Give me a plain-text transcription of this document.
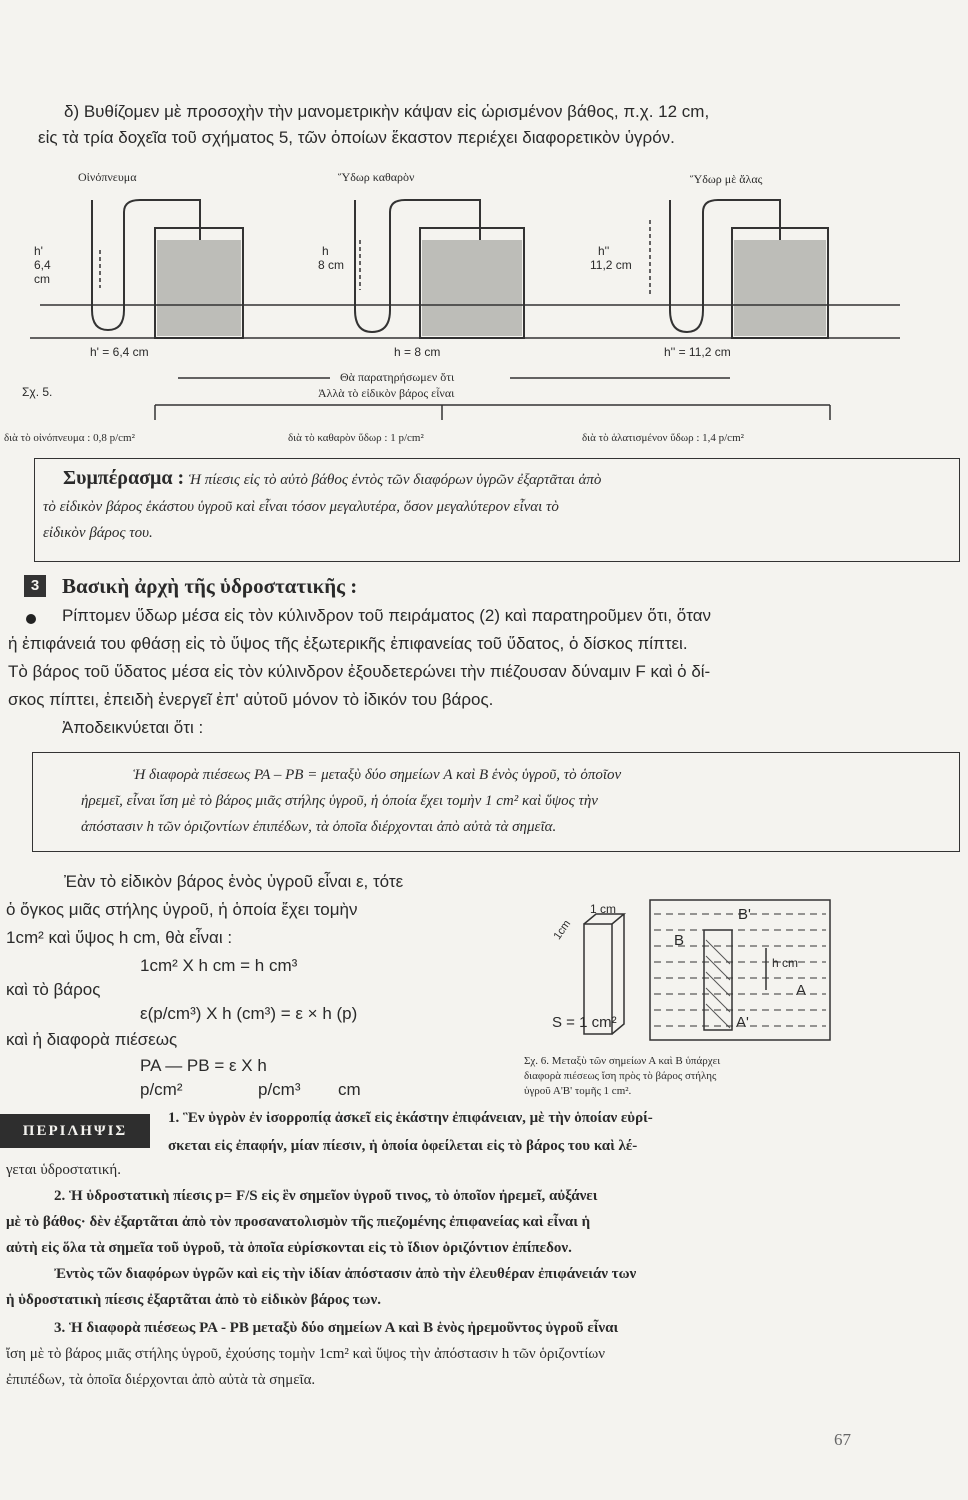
δ) Βυθίζομεν μὲ προσοχὴν τὴν μανομετρικὴν κάψαν εἰς ὡρισμένον βάθος, π.χ. 12 cm,
εἰς τὰ τρία δοχεῖα τοῦ σχήματος 5, τῶν ὁποίων ἕκαστον περιέχει διαφορετικὸν ὑγρόν.
Οἰνόπνευμα	Ὕδωρ καθαρὸν	Ὕδωρ μὲ ἅλας
h'
6,4
cm
h
8 cm
h''
11,2 cm
h' = 6,4 cm	h = 8 cm	h'' = 11,2 cm
Σχ. 5.
Θὰ παρατηρήσωμεν ὅτι
Ἀλλὰ τὸ εἰδικὸν βάρος εἶναι
διὰ τὸ οἰνόπνευμα : 0,8 p/cm²	διὰ τὸ καθαρὸν ὕδωρ : 1 p/cm²	διὰ τὸ ἁλατισμένον ὕδωρ : 1,4 p/cm²
Συμπέρασμα : Ἡ πίεσις εἰς τὸ αὐτὸ βάθος ἐντὸς τῶν διαφόρων ὑγρῶν ἐξαρτᾶται ἀπὸ
τὸ εἰδικὸν βάρος ἑκάστου ὑγροῦ καὶ εἶναι τόσον μεγαλυτέρα, ὅσον μεγαλύτερον εἶναι τὸ
εἰδικὸν βάρος του.
3	Βασικὴ ἀρχὴ τῆς ὑδροστατικῆς :
Ρίπτομεν ὕδωρ μέσα εἰς τὸν κύλινδρον τοῦ πειράματος (2) καὶ παρατηροῦμεν ὅτι, ὅταν
ἡ ἐπιφάνειά του φθάσῃ εἰς τὸ ὕψος τῆς ἐξωτερικῆς ἐπιφανείας τοῦ ὕδατος, ὁ δίσκος πίπτει.
Τὸ βάρος τοῦ ὕδατος μέσα εἰς τὸν κύλινδρον ἐξουδετερώνει τὴν πιέζουσαν δύναμιν F καὶ ὁ δί-
σκος πίπτει, ἐπειδὴ ἐνεργεῖ ἐπ' αὐτοῦ μόνον τὸ ἰδικόν του βάρος.
Ἀποδεικνύεται ὅτι :
Ἡ διαφορὰ πιέσεως PA – PB = μεταξὺ δύο σημείων A καὶ B ἑνὸς ὑγροῦ, τὸ ὁποῖον
ἠρεμεῖ, εἶναι ἴση μὲ τὸ βάρος μιᾶς στήλης ὑγροῦ, ἡ ὁποία ἔχει τομὴν 1 cm² καὶ ὕψος τὴν
ἀπόστασιν h τῶν ὁριζοντίων ἐπιπέδων, τὰ ὁποῖα διέρχονται ἀπὸ αὐτὰ τὰ σημεῖα.
Ἐὰν τὸ εἰδικὸν βάρος ἑνὸς ὑγροῦ εἶναι ε, τότε
ὁ ὄγκος μιᾶς στήλης ὑγροῦ, ἡ ὁποία ἔχει τομὴν
1cm² καὶ ὕψος h cm, θὰ εἶναι :
1cm² X h cm = h cm³
καὶ τὸ βάρος
ε(p/cm³) X h (cm³) = ε × h (p)
καὶ ἡ διαφορὰ πιέσεως
PA — PB = ε X h
p/cm²	p/cm³ cm
1 cm
1cm
S = 1 cm²
B'
B
h cm
A
A'
Σχ. 6. Μεταξὺ τῶν σημείων Α καὶ Β ὑπάρχει
διαφορὰ πιέσεως ἴση πρὸς τὸ βάρος στήλης
ὑγροῦ Α'Β' τομῆς 1 cm².
ΠΕΡΙΛΗΨΙΣ
1. Ἓν ὑγρὸν ἐν ἰσορροπίᾳ ἀσκεῖ εἰς ἑκάστην ἐπιφάνειαν, μὲ τὴν ὁποίαν εὑρί-
σκεται εἰς ἐπαφήν, μίαν πίεσιν, ἡ ὁποία ὀφείλεται εἰς τὸ βάρος του καὶ λέ-
γεται ὑδροστατική.
2. Ἡ ὑδροστατικὴ πίεσις p= F/S εἰς ἓν σημεῖον ὑγροῦ τινος, τὸ ὁποῖον ἠρεμεῖ, αὐξάνει
μὲ τὸ βάθος· δὲν ἐξαρτᾶται ἀπὸ τὸν προσανατολισμὸν τῆς πιεζομένης ἐπιφανείας καὶ εἶναι ἡ
αὐτὴ εἰς ὅλα τὰ σημεῖα τοῦ ὑγροῦ, τὰ ὁποῖα εὑρίσκονται εἰς τὸ ἴδιον ὁριζόντιον ἐπίπεδον.
Ἐντὸς τῶν διαφόρων ὑγρῶν καὶ εἰς τὴν ἰδίαν ἀπόστασιν ἀπὸ τὴν ἐλευθέραν ἐπιφάνειάν των
ἡ ὑδροστατικὴ πίεσις ἐξαρτᾶται ἀπὸ τὸ εἰδικὸν βάρος των.
3. Ἡ διαφορὰ πιέσεως PA - PB μεταξὺ δύο σημείων Α καὶ Β ἑνὸς ἠρεμοῦντος ὑγροῦ εἶναι
ἴση μὲ τὸ βάρος μιᾶς στήλης ὑγροῦ, ἐχούσης τομὴν 1cm² καὶ ὕψος τὴν ἀπόστασιν h τῶν ὁριζοντίων
ἐπιπέδων, τὰ ὁποῖα διέρχονται ἀπὸ αὐτὰ τὰ σημεῖα.
67
